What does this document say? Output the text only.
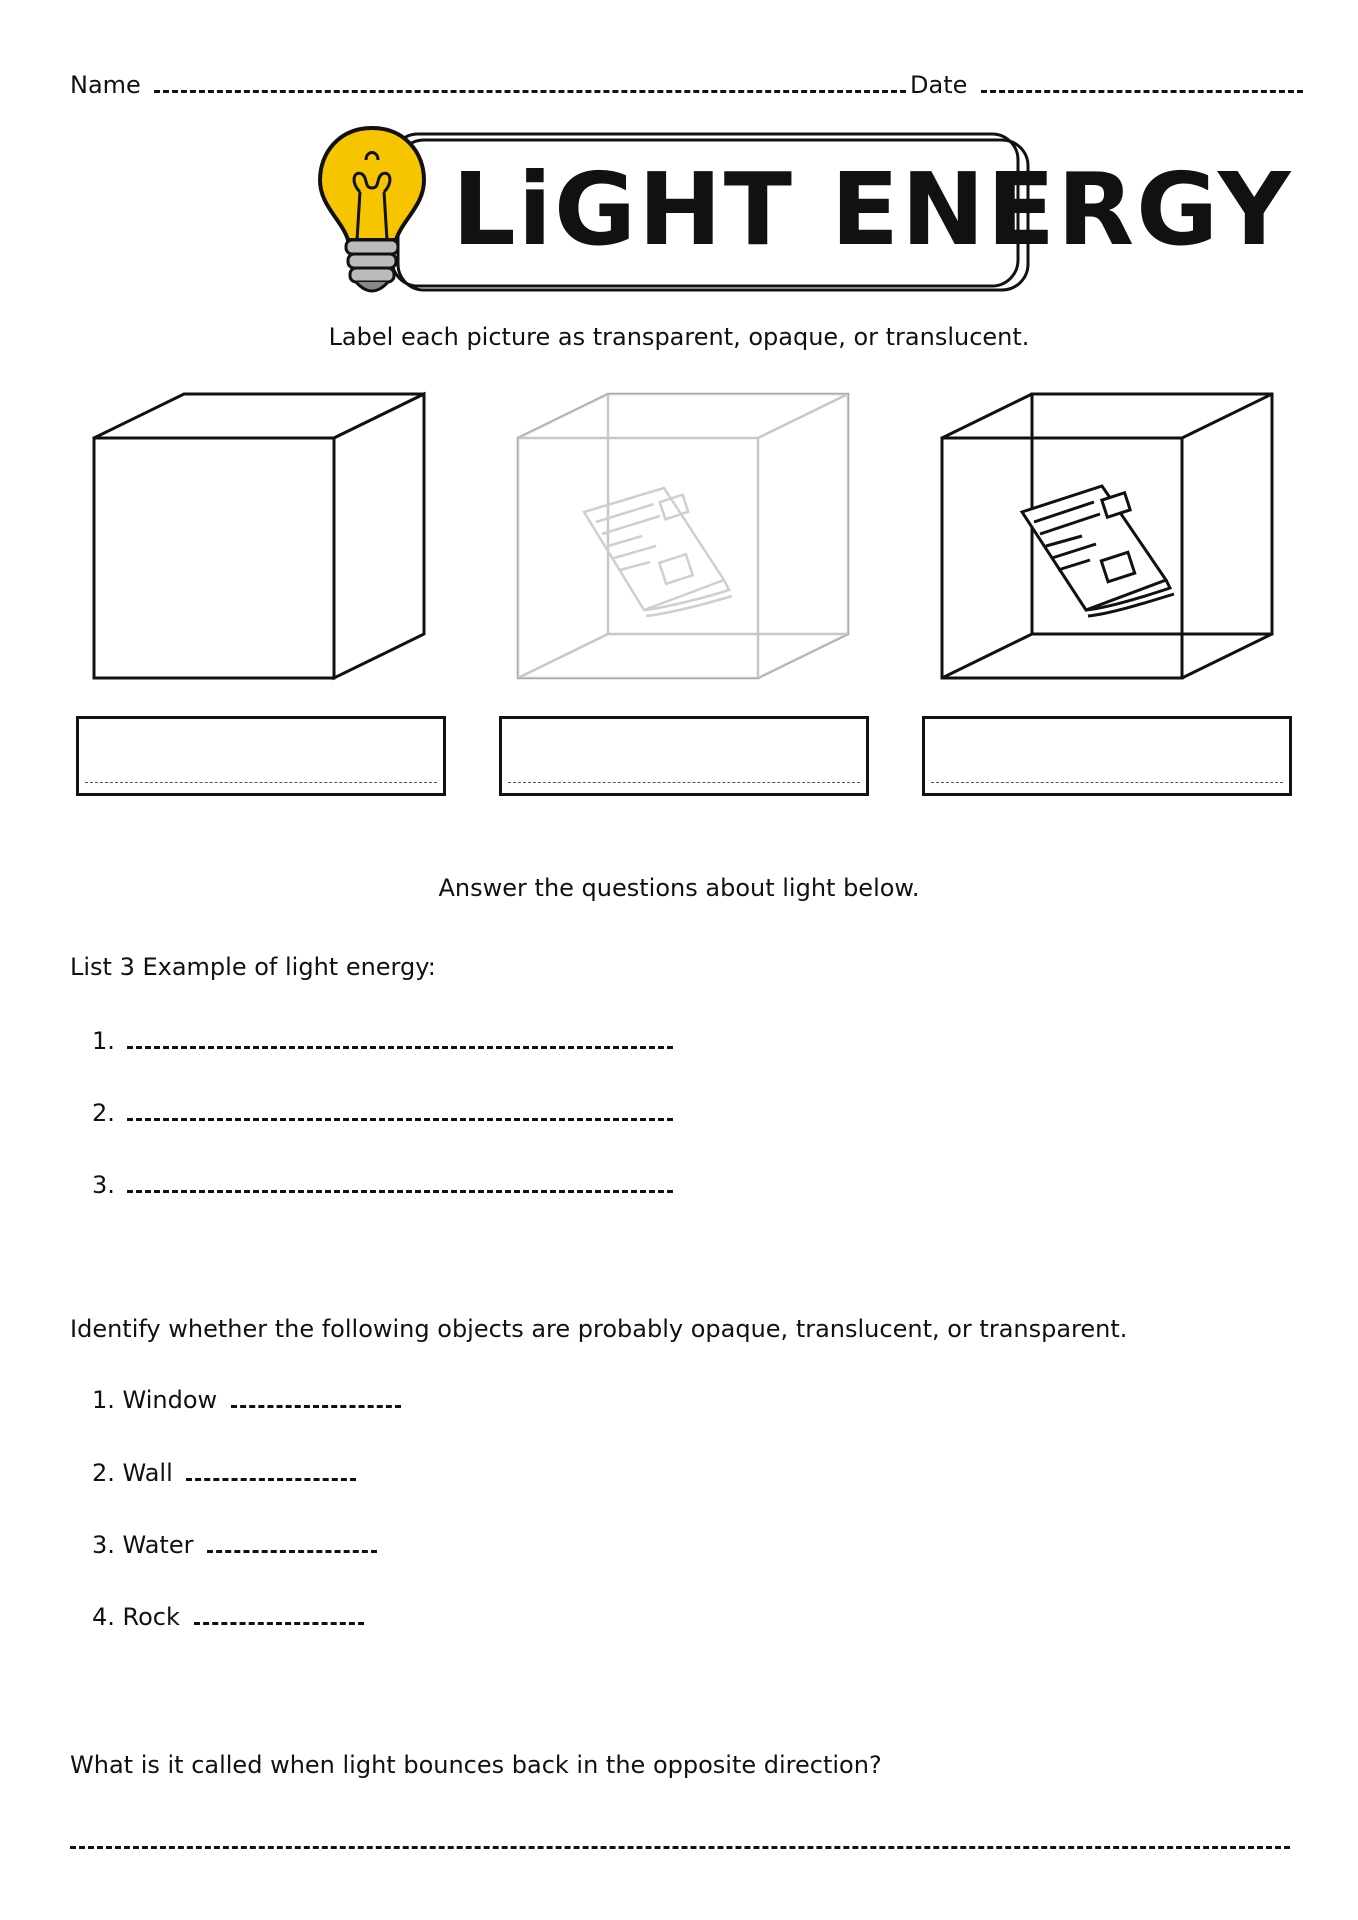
Name	Date
LiGHT ENERGY
Label each picture as transparent, opaque, or translucent.
Answer the questions about light below.
List 3 Example of light energy:
1.
2.
3.
Identify whether the following objects are probably opaque, translucent, or transparent.
1. Window
2. Wall
3. Water
4. Rock
What is it called when light bounces back in the opposite direction?
